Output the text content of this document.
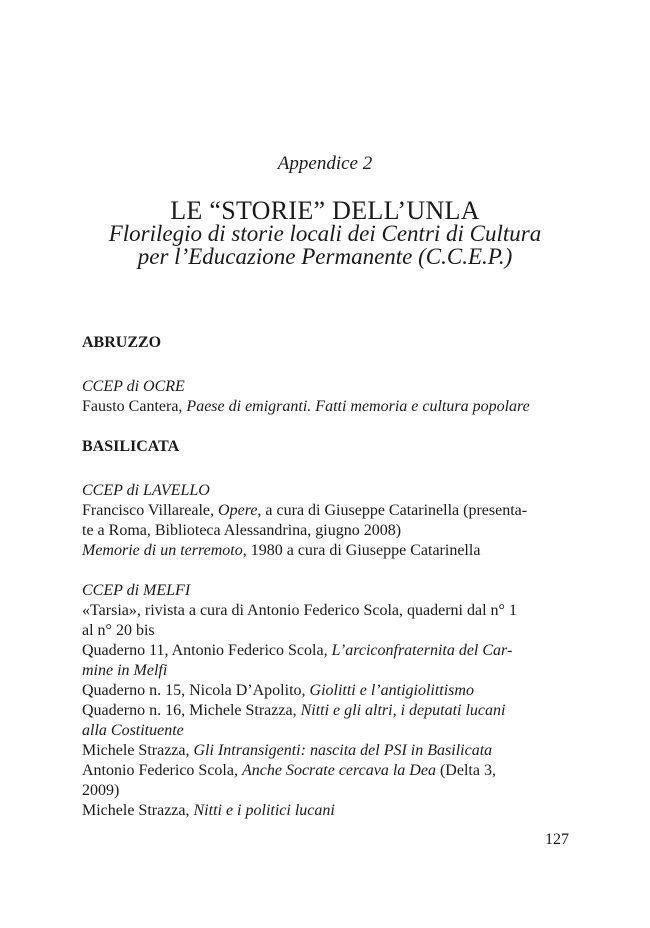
Appendice 2
LE “STORIE” DELL’UNLA
Florilegio di storie locali dei Centri di Cultura
per l’Educazione Permanente (C.C.E.P.)
ABRUZZO

CCEP di OCRE

Fausto Cantera, Paese di emigranti. Fatti memoria e cultura popolare

BASILICATA

CCEP di LAVELLO

Francisco Villareale, Opere, a cura di Giuseppe Catarinella (presenta-
te a Roma, Biblioteca Alessandrina, giugno 2008)

Memorie di un terremoto, 1980 a cura di Giuseppe Catarinella

CCEP di MELFI

«Tarsia», rivista a cura di Antonio Federico Scola, quaderni dal n° 1
al n° 20 bis

Quaderno 11, Antonio Federico Scola, L’arciconfraternita del Car-
mine in Melfi

Quaderno n. 15, Nicola D’Apolito, Giolitti e l’antigiolittismo

Quaderno n. 16, Michele Strazza, Nitti e gli altri, i deputati lucani
alla Costituente

Michele Strazza, Gli Intransigenti: nascita del PSI in Basilicata

Antonio Federico Scola, Anche Socrate cercava la Dea (Delta 3,
2009)

Michele Strazza, Nitti e i politici lucani

127
